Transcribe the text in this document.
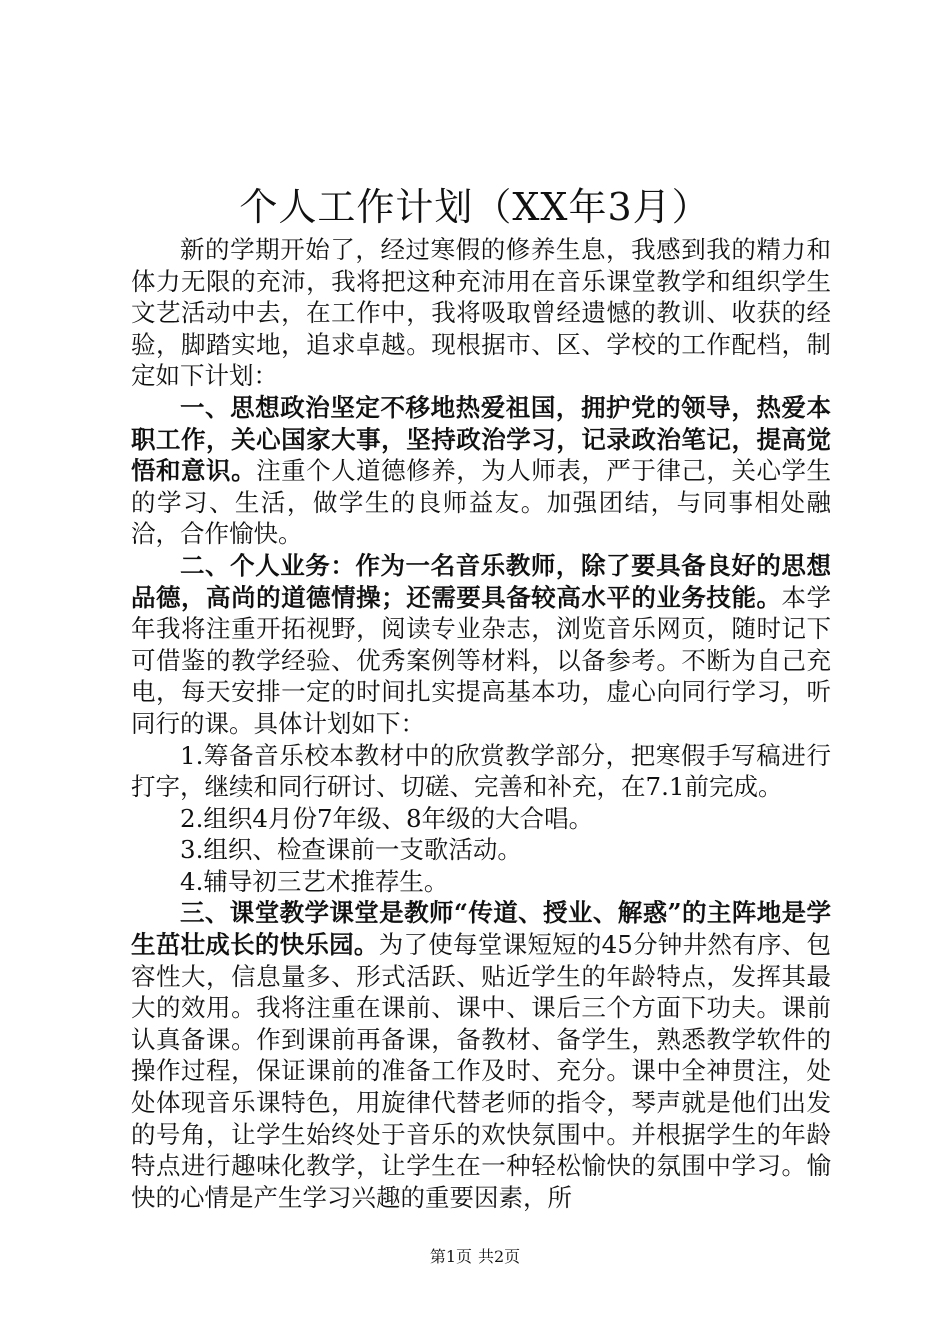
个人工作计划（XX年3月）

新的学期开始了，经过寒假的修养生息，我感到我的精力和体力无限的充沛，我将把这种充沛用在音乐课堂教学和组织学生文艺活动中去，在工作中，我将吸取曾经遗憾的教训、收获的经验，脚踏实地，追求卓越。现根据市、区、学校的工作配档，制定如下计划：

一、思想政治坚定不移地热爱祖国，拥护党的领导，热爱本职工作，关心国家大事，坚持政治学习，记录政治笔记，提高觉悟和意识。注重个人道德修养，为人师表，严于律己，关心学生的学习、生活，做学生的良师益友。加强团结，与同事相处融洽，合作愉快。

二、个人业务：作为一名音乐教师，除了要具备良好的思想品德，高尚的道德情操；还需要具备较高水平的业务技能。本学年我将注重开拓视野，阅读专业杂志，浏览音乐网页，随时记下可借鉴的教学经验、优秀案例等材料，以备参考。不断为自己充电，每天安排一定的时间扎实提高基本功，虚心向同行学习，听同行的课。具体计划如下：

1.筹备音乐校本教材中的欣赏教学部分，把寒假手写稿进行打字，继续和同行研讨、切磋、完善和补充，在7.1前完成。

2.组织4月份7年级、8年级的大合唱。

3.组织、检查课前一支歌活动。

4.辅导初三艺术推荐生。

三、课堂教学课堂是教师“传道、授业、解惑”的主阵地是学生茁壮成长的快乐园。为了使每堂课短短的45分钟井然有序、包容性大，信息量多、形式活跃、贴近学生的年龄特点，发挥其最大的效用。我将注重在课前、课中、课后三个方面下功夫。课前认真备课。作到课前再备课，备教材、备学生，熟悉教学软件的操作过程，保证课前的准备工作及时、充分。课中全神贯注，处处体现音乐课特色，用旋律代替老师的指令，琴声就是他们出发的号角，让学生始终处于音乐的欢快氛围中。并根据学生的年龄特点进行趣味化教学，让学生在一种轻松愉快的氛围中学习。愉快的心情是产生学习兴趣的重要因素，所

第1页 共2页
